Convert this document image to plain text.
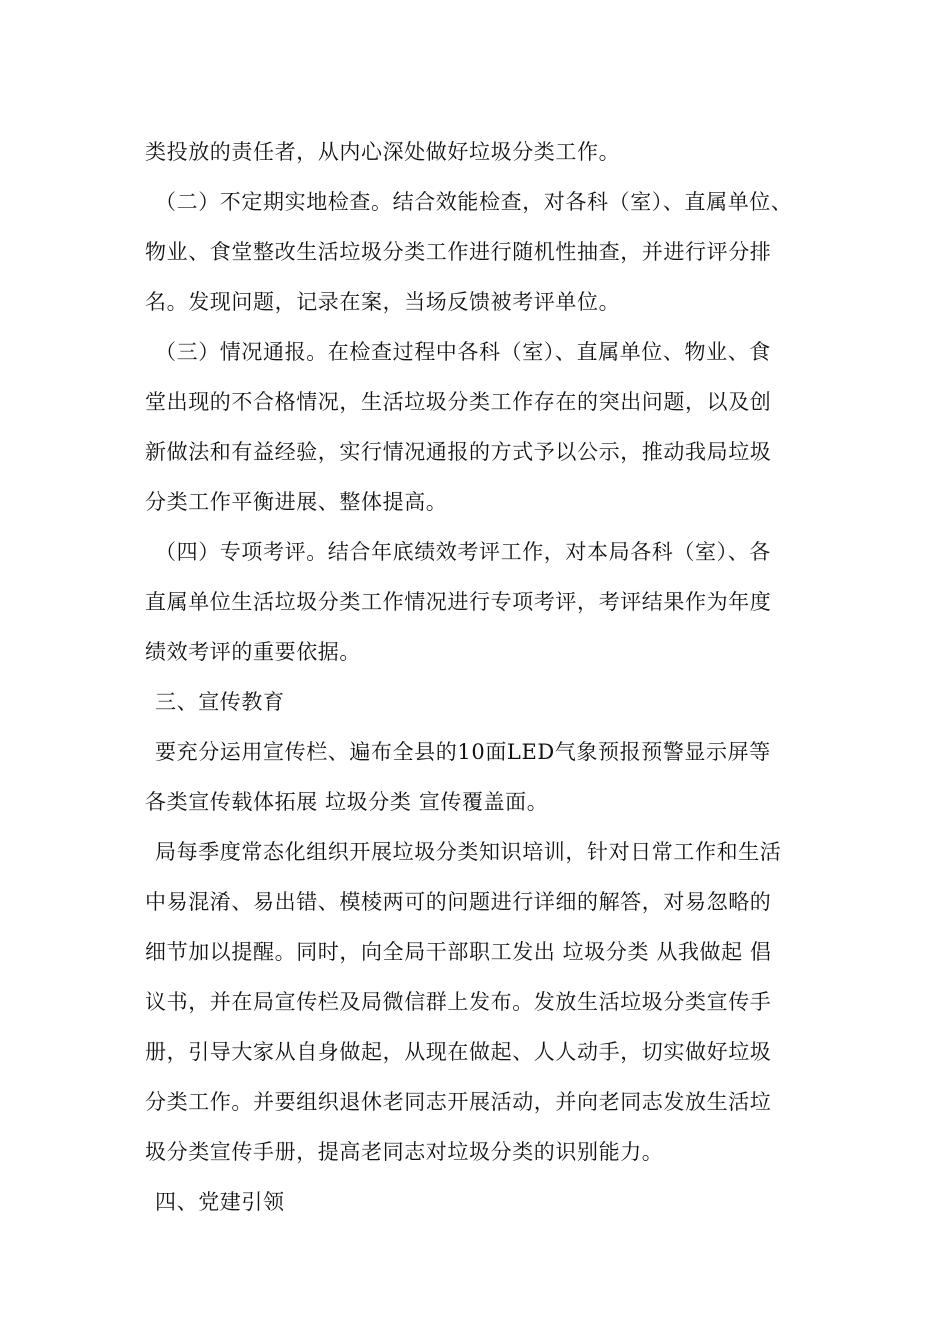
类投放的责任者，从内心深处做好垃圾分类工作。
（二）不定期实地检查。结合效能检查，对各科（室）、直属单位、
物业、食堂整改生活垃圾分类工作进行随机性抽查，并进行评分排
名。发现问题，记录在案，当场反馈被考评单位。
（三）情况通报。在检查过程中各科（室）、直属单位、物业、食
堂出现的不合格情况，生活垃圾分类工作存在的突出问题，以及创
新做法和有益经验，实行情况通报的方式予以公示，推动我局垃圾
分类工作平衡进展、整体提高。
（四）专项考评。结合年底绩效考评工作，对本局各科（室）、各
直属单位生活垃圾分类工作情况进行专项考评，考评结果作为年度
绩效考评的重要依据。
三、宣传教育
要充分运用宣传栏、遍布全县的10面LED气象预报预警显示屏等
各类宣传载体拓展 垃圾分类 宣传覆盖面。
局每季度常态化组织开展垃圾分类知识培训，针对日常工作和生活
中易混淆、易出错、模棱两可的问题进行详细的解答，对易忽略的
细节加以提醒。同时，向全局干部职工发出 垃圾分类 从我做起 倡
议书，并在局宣传栏及局微信群上发布。发放生活垃圾分类宣传手
册，引导大家从自身做起，从现在做起、人人动手，切实做好垃圾
分类工作。并要组织退休老同志开展活动，并向老同志发放生活垃
圾分类宣传手册，提高老同志对垃圾分类的识别能力。
四、党建引领
